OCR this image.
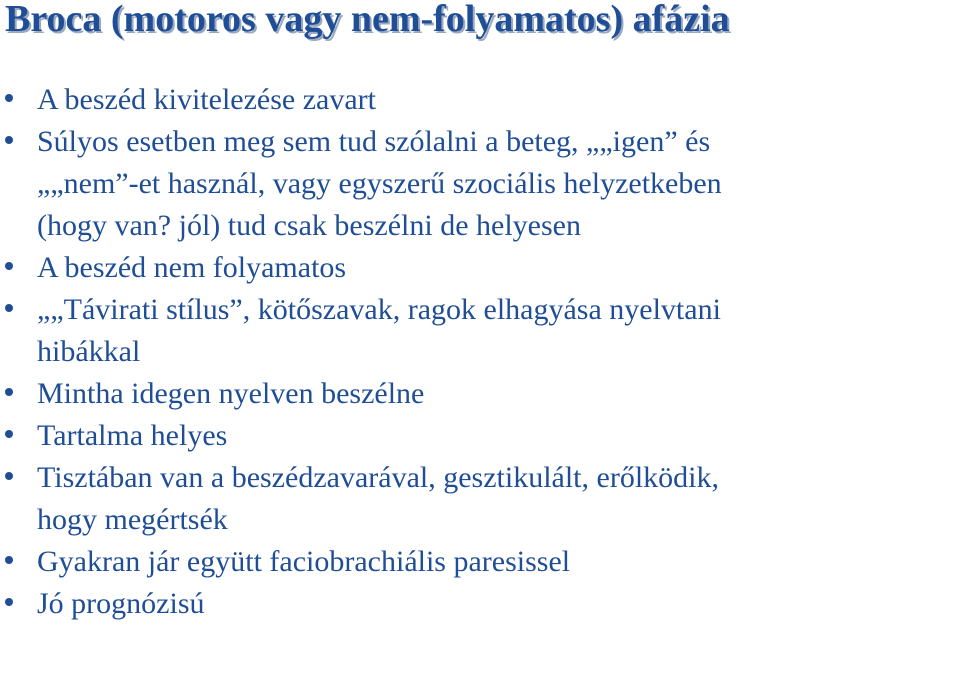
Broca (motoros vagy nem-folyamatos) afázia
A beszéd kivitelezése zavart
Súlyos esetben meg sem tud szólalni a beteg, „„igen” és
„„nem”-et használ, vagy egyszerű szociális helyzetkeben
(hogy van? jól) tud csak beszélni de helyesen
A beszéd nem folyamatos
„„Távirati stílus”, kötőszavak, ragok elhagyása nyelvtani
hibákkal
Mintha idegen nyelven beszélne
Tartalma helyes
Tisztában van a beszédzavarával, gesztikulált, erőlködik,
hogy megértsék
Gyakran jár együtt faciobrachiális paresissel
Jó prognózisú
